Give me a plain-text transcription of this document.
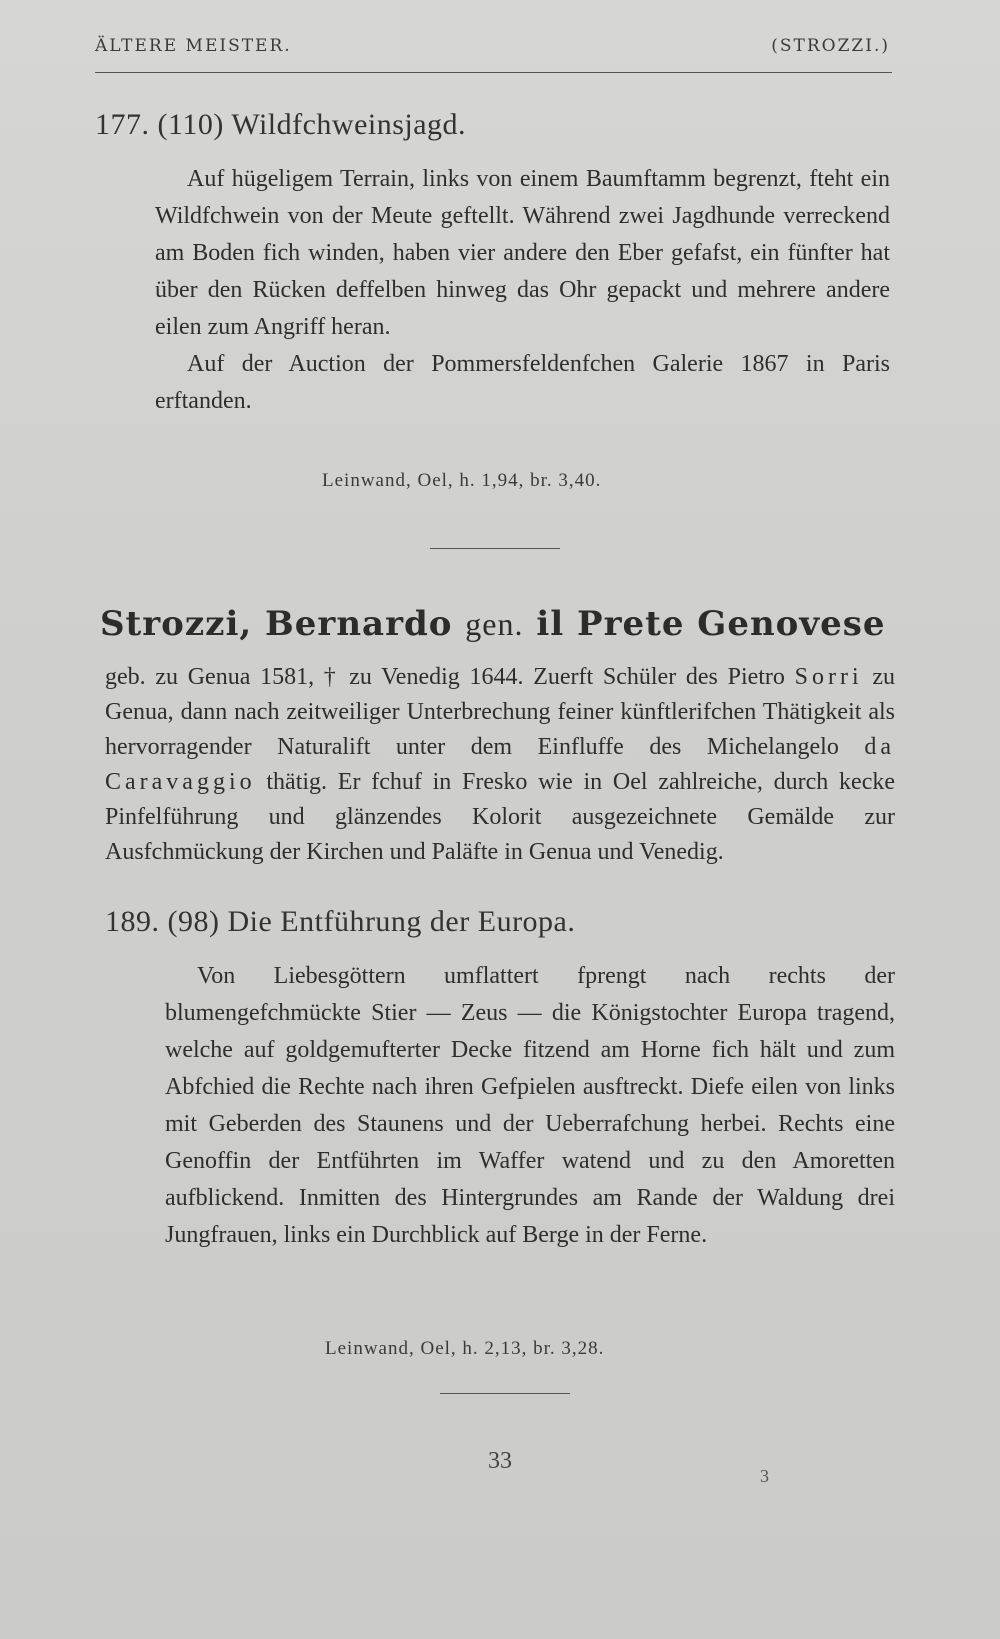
ÄLTERE MEISTER.	(STROZZI.)
177. (110) Wildfchweinsjagd.

Auf hügeligem Terrain, links von einem Baumftamm begrenzt, fteht ein Wildfchwein von der Meute geftellt. Während zwei Jagdhunde verreckend am Boden fich winden, haben vier andere den Eber gefafst, ein fünfter hat über den Rücken deffelben hinweg das Ohr gepackt und mehrere andere eilen zum Angriff heran.

Auf der Auction der Pommersfeldenfchen Galerie 1867 in Paris erftanden.

Leinwand, Oel, h. 1,94, br. 3,40.
Strozzi, Bernardo gen. il Prete Genovese

geb. zu Genua 1581, † zu Venedig 1644. Zuerft Schüler des Pietro Sorri zu Genua, dann nach zeitweiliger Unterbrechung feiner künftlerifchen Thätigkeit als hervorragender Naturalift unter dem Einfluffe des Michelangelo da Caravaggio thätig. Er fchuf in Fresko wie in Oel zahlreiche, durch kecke Pinfelführung und glänzendes Kolorit ausgezeichnete Gemälde zur Ausfchmückung der Kirchen und Paläfte in Genua und Venedig.

189. (98) Die Entführung der Europa.

Von Liebesgöttern umflattert fprengt nach rechts der blumengefchmückte Stier — Zeus — die Königstochter Europa tragend, welche auf goldgemufterter Decke fitzend am Horne fich hält und zum Abfchied die Rechte nach ihren Gefpielen ausftreckt. Diefe eilen von links mit Geberden des Staunens und der Ueberrafchung herbei. Rechts eine Genoffin der Entführten im Waffer watend und zu den Amoretten aufblickend. Inmitten des Hintergrundes am Rande der Waldung drei Jungfrauen, links ein Durchblick auf Berge in der Ferne.

Leinwand, Oel, h. 2,13, br. 3,28.
33
3
